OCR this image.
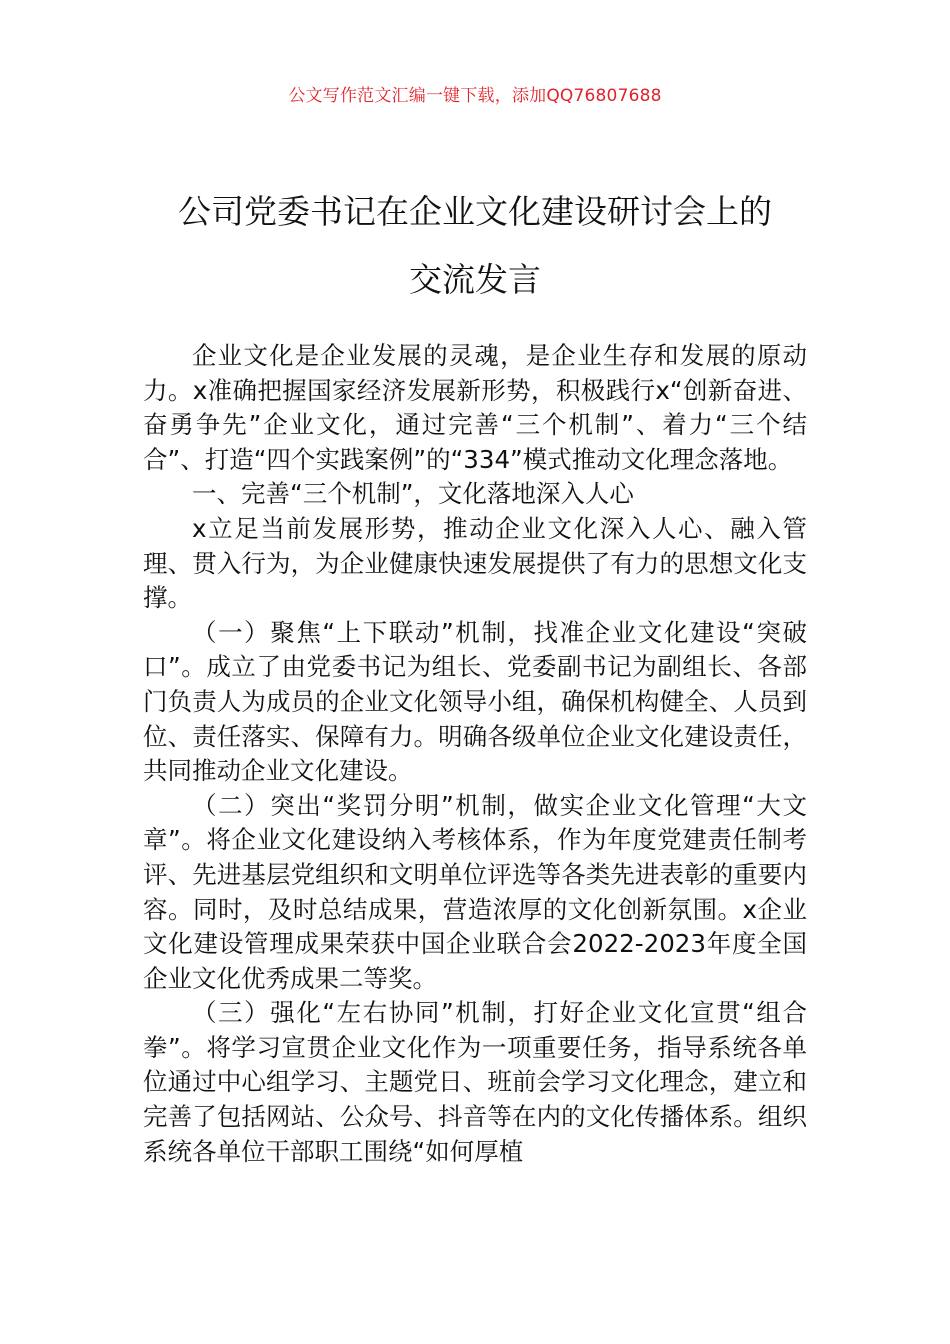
公文写作范文汇编一键下载，添加QQ76807688
公司党委书记在企业文化建设研讨会上的
交流发言

企业文化是企业发展的灵魂，是企业生存和发展的原动力。x准确把握国家经济发展新形势，积极践行x“创新奋进、奋勇争先”企业文化，通过完善“三个机制”、着力“三个结合”、打造“四个实践案例”的“334”模式推动文化理念落地。

一、完善“三个机制”，文化落地深入人心

x立足当前发展形势，推动企业文化深入人心、融入管理、贯入行为，为企业健康快速发展提供了有力的思想文化支撑。

（一）聚焦“上下联动”机制，找准企业文化建设“突破口”。成立了由党委书记为组长、党委副书记为副组长、各部门负责人为成员的企业文化领导小组，确保机构健全、人员到位、责任落实、保障有力。明确各级单位企业文化建设责任，共同推动企业文化建设。

（二）突出“奖罚分明”机制，做实企业文化管理“大文章”。将企业文化建设纳入考核体系，作为年度党建责任制考评、先进基层党组织和文明单位评选等各类先进表彰的重要内容。同时，及时总结成果，营造浓厚的文化创新氛围。x企业文化建设管理成果荣获中国企业联合会2022-2023年度全国企业文化优秀成果二等奖。

（三）强化“左右协同”机制，打好企业文化宣贯“组合拳”。将学习宣贯企业文化作为一项重要任务，指导系统各单位通过中心组学习、主题党日、班前会学习文化理念，建立和完善了包括网站、公众号、抖音等在内的文化传播体系。组织系统各单位干部职工围绕“如何厚植
